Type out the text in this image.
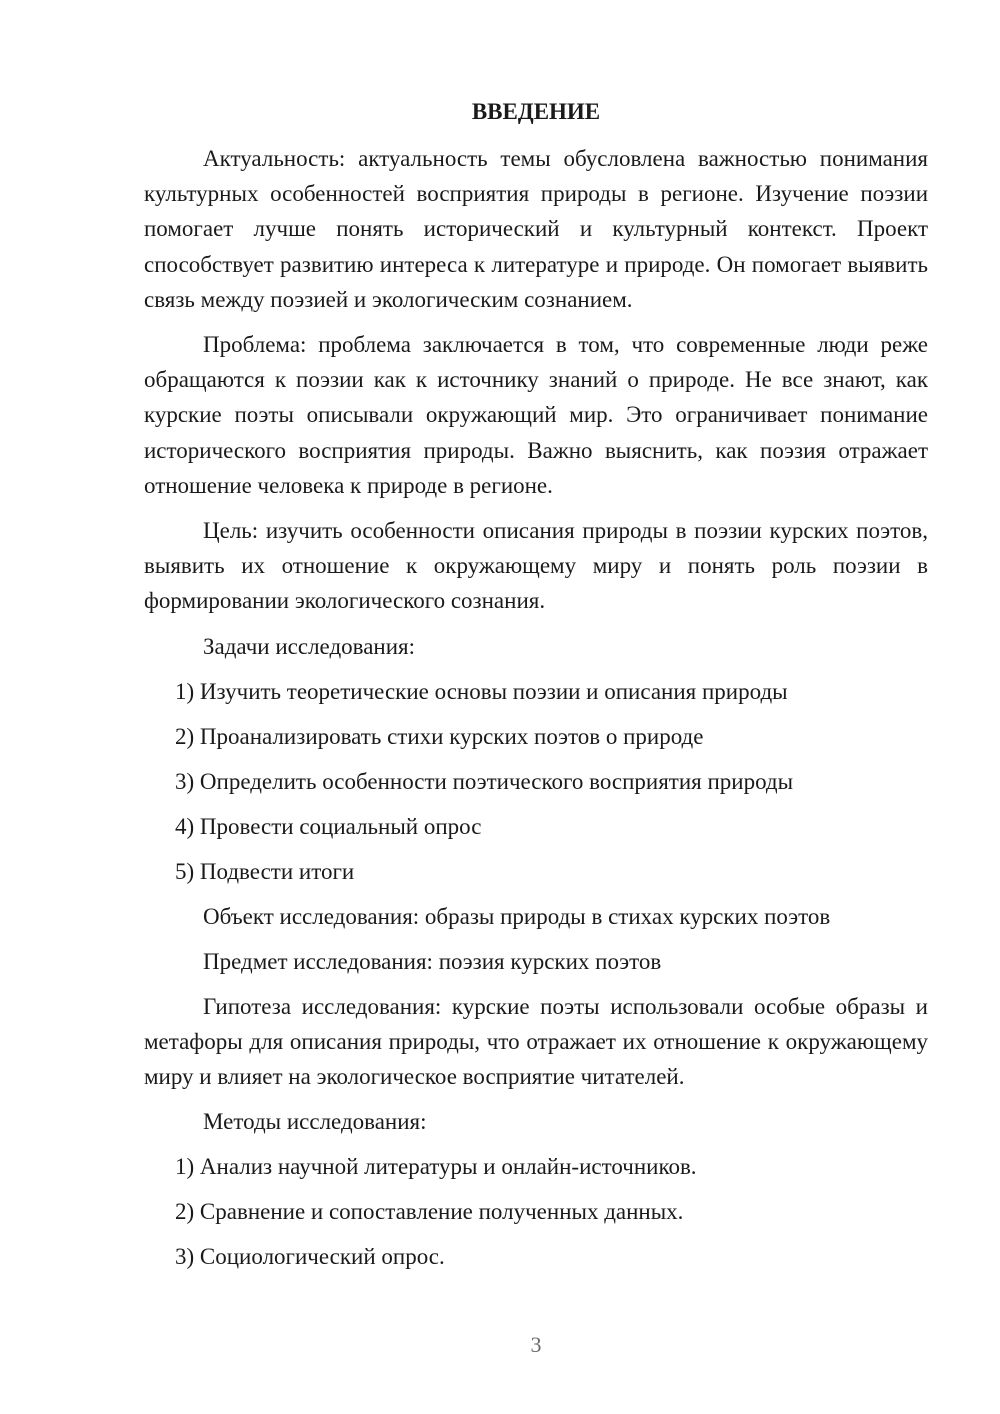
ВВЕДЕНИЕ
Актуальность: актуальность темы обусловлена важностью понимания культурных особенностей восприятия природы в регионе. Изучение поэзии помогает лучше понять исторический и культурный контекст. Проект способствует развитию интереса к литературе и природе. Он помогает выявить связь между поэзией и экологическим сознанием.
Проблема: проблема заключается в том, что современные люди реже обращаются к поэзии как к источнику знаний о природе. Не все знают, как курские поэты описывали окружающий мир. Это ограничивает понимание исторического восприятия природы. Важно выяснить, как поэзия отражает отношение человека к природе в регионе.
Цель: изучить особенности описания природы в поэзии курских поэтов, выявить их отношение к окружающему миру и понять роль поэзии в формировании экологического сознания.
Задачи исследования:
1) Изучить теоретические основы поэзии и описания природы
2) Проанализировать стихи курских поэтов о природе
3) Определить особенности поэтического восприятия природы
4) Провести социальный опрос
5) Подвести итоги
Объект исследования: образы природы в стихах курских поэтов
Предмет исследования: поэзия курских поэтов
Гипотеза исследования: курские поэты использовали особые образы и метафоры для описания природы, что отражает их отношение к окружающему миру и влияет на экологическое восприятие читателей.
Методы исследования:
1) Анализ научной литературы и онлайн-источников.
2) Сравнение и сопоставление полученных данных.
3) Социологический опрос.
3
